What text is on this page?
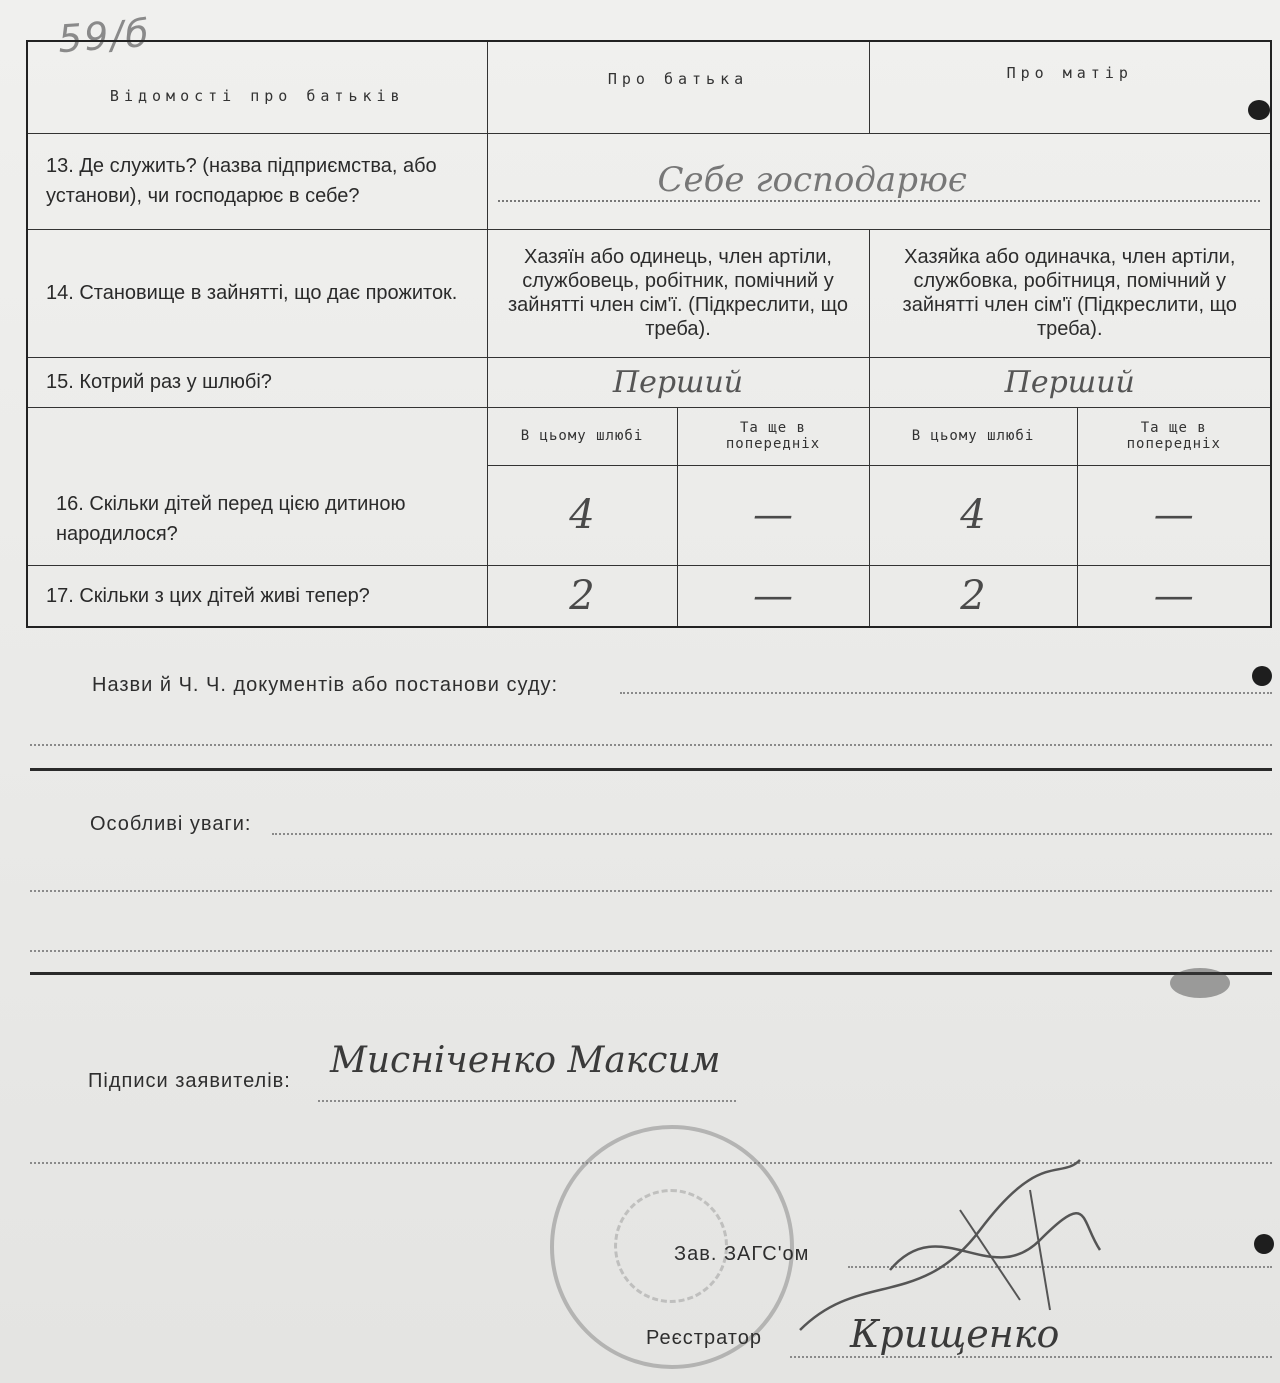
59/б
Відомості про батьків	Про батька		Про матір	

13. Де служить? (назва підприємства, або установи), чи господарює в себе?	Себе господарює			

14. Становище в зайнятті, що дає прожиток.	Хазяїн або одинець, член артіли, службовець, робітник, помічний у зайнятті член сім'ї. (Підкреслити, що треба).		Хазяйка або одиначка, член артіли, службовка, робітниця, помічний у зайнятті член сім'ї (Підкреслити, що треба).	
15. Котрий раз у шлюбі?	Перший		Перший	

16. Скільки дітей перед цією дитиною народилося?	В цьому шлюбі	Та ще в попередніх	В цьому шлюбі	Та ще в попередніх
	4	—	4	—
17. Скільки з цих дітей живі тепер?	2	—	2	—
Назви й Ч. Ч. документів або постанови суду:
Особливі уваги:
Підписи заявителів: Мисніченко Максим
Зав. ЗАГС'ом
Реєстратор Крищенко
